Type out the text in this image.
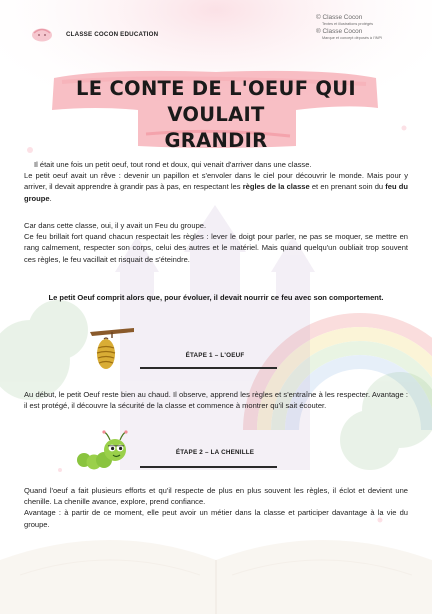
CLASSE COCON EDUCATION
© Classe Cocon
Textes et illustrations protégés
® Classe Cocon
Marque et concept déposés à l'INPI
LE CONTE DE L'OEUF QUI VOULAIT
GRANDIR
Il était une fois un petit oeuf, tout rond et doux, qui venait d'arriver dans une classe.
Le petit oeuf avait un rêve : devenir un papillon et s'envoler dans le ciel pour découvrir le monde. Mais pour y arriver, il devait apprendre à grandir pas à pas, en respectant les règles de la classe et en prenant soin du feu du groupe.
Car dans cette classe, oui, il y avait un Feu du groupe.
Ce feu brillait fort quand chacun respectait les règles : lever le doigt pour parler, ne pas se moquer, se mettre en rang calmement, respecter son corps, celui des autres et le matériel. Mais quand quelqu'un oubliait trop souvent ces règles, le feu vacillait et risquait de s'éteindre.
Le petit Oeuf comprit alors que, pour évoluer, il devait nourrir ce feu avec son comportement.
ÉTAPE 1 – L'OEUF
Au début, le petit Oeuf reste bien au chaud. Il observe, apprend les règles et s'entraîne à les respecter. Avantage : il est protégé, il découvre la sécurité de la classe et commence à montrer qu'il sait écouter.
ÉTAPE 2 – LA CHENILLE
Quand l'oeuf a fait plusieurs efforts et qu'il respecte de plus en plus souvent les règles, il éclot et devient une chenille. La chenille avance, explore, prend confiance.
Avantage : à partir de ce moment, elle peut avoir un métier dans la classe et participer davantage à la vie du groupe.
